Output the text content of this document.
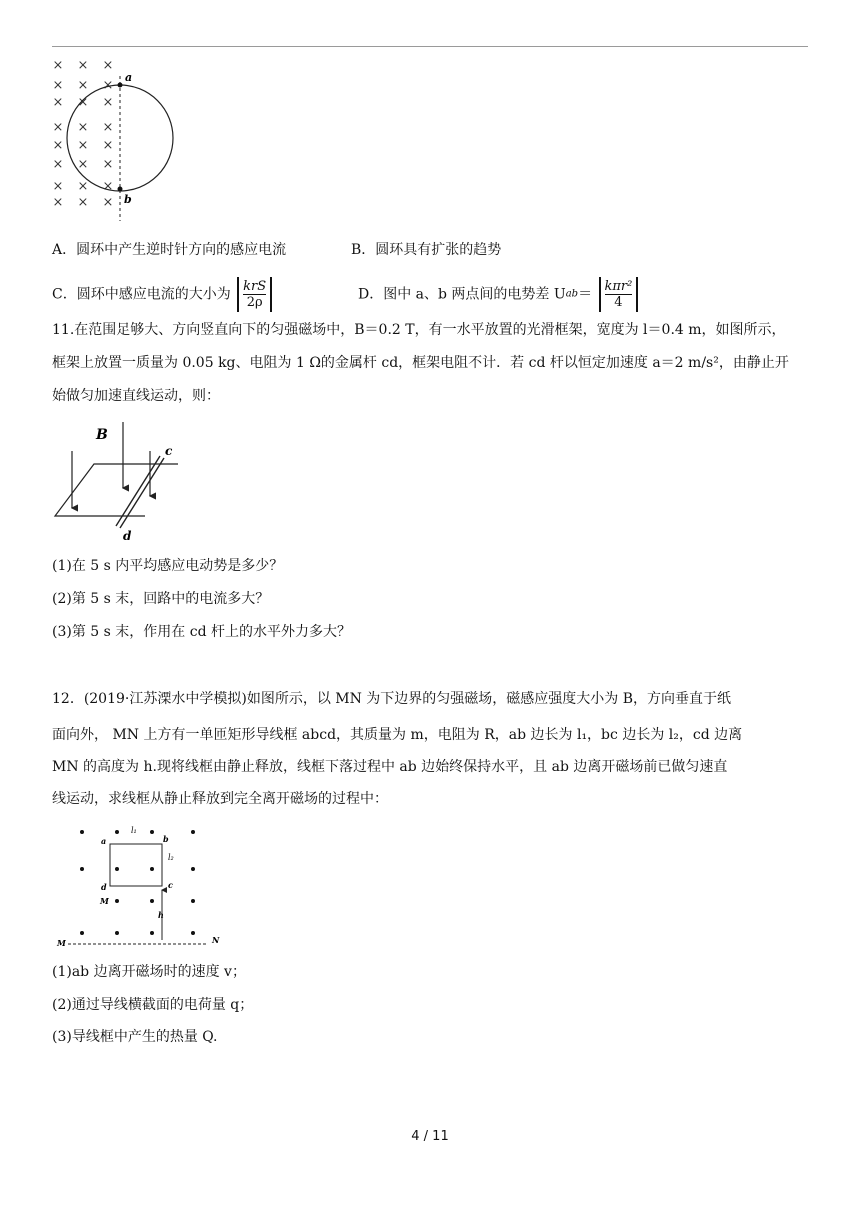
× × ×
× × ×
× × ×
× × ×
× × ×
× × ×
× × ×
× × ×
a
b
A．圆环中产生逆时针方向的感应电流	B．圆环具有扩张的趋势
C．圆环中感应电流的大小为 $\frac{\text{krS}}{2\rho}$	D．图中 a、b 两点间的电势差 $Uab= \frac{\text{kπr²}}{4}$
11.在范围足够大、方向竖直向下的匀强磁场中，B＝0.2 T，有一水平放置的光滑框架，宽度为 l＝0.4 m，如图所示，
框架上放置一质量为 0.05 kg、电阻为 1 Ω的金属杆 cd，框架电阻不计．若 cd 杆以恒定加速度 a＝2 m/s²，由静止开
始做匀加速直线运动，则：
B
c
d
(1)在 5 s 内平均感应电动势是多少？
(2)第 5 s 末，回路中的电流多大？
(3)第 5 s 末，作用在 cd 杆上的水平外力多大？
12．(2019·江苏溧水中学模拟)如图所示，以 MN 为下边界的匀强磁场，磁感应强度大小为 B，方向垂直于纸
面向外， MN 上方有一单匝矩形导线框 abcd，其质量为 m，电阻为 R，ab 边长为 l₁，bc 边长为 l₂，cd 边离
MN 的高度为 h.现将线框由静止释放，线框下落过程中 ab 边始终保持水平，且 ab 边离开磁场前已做匀速直
线运动，求线框从静止释放到完全离开磁场的过程中：
a	b
c
d
l₁
l₂
M
h
M	N
(1)ab 边离开磁场时的速度 v；
(2)通过导线横截面的电荷量 q；
(3)导线框中产生的热量 Q.
4 / 11
